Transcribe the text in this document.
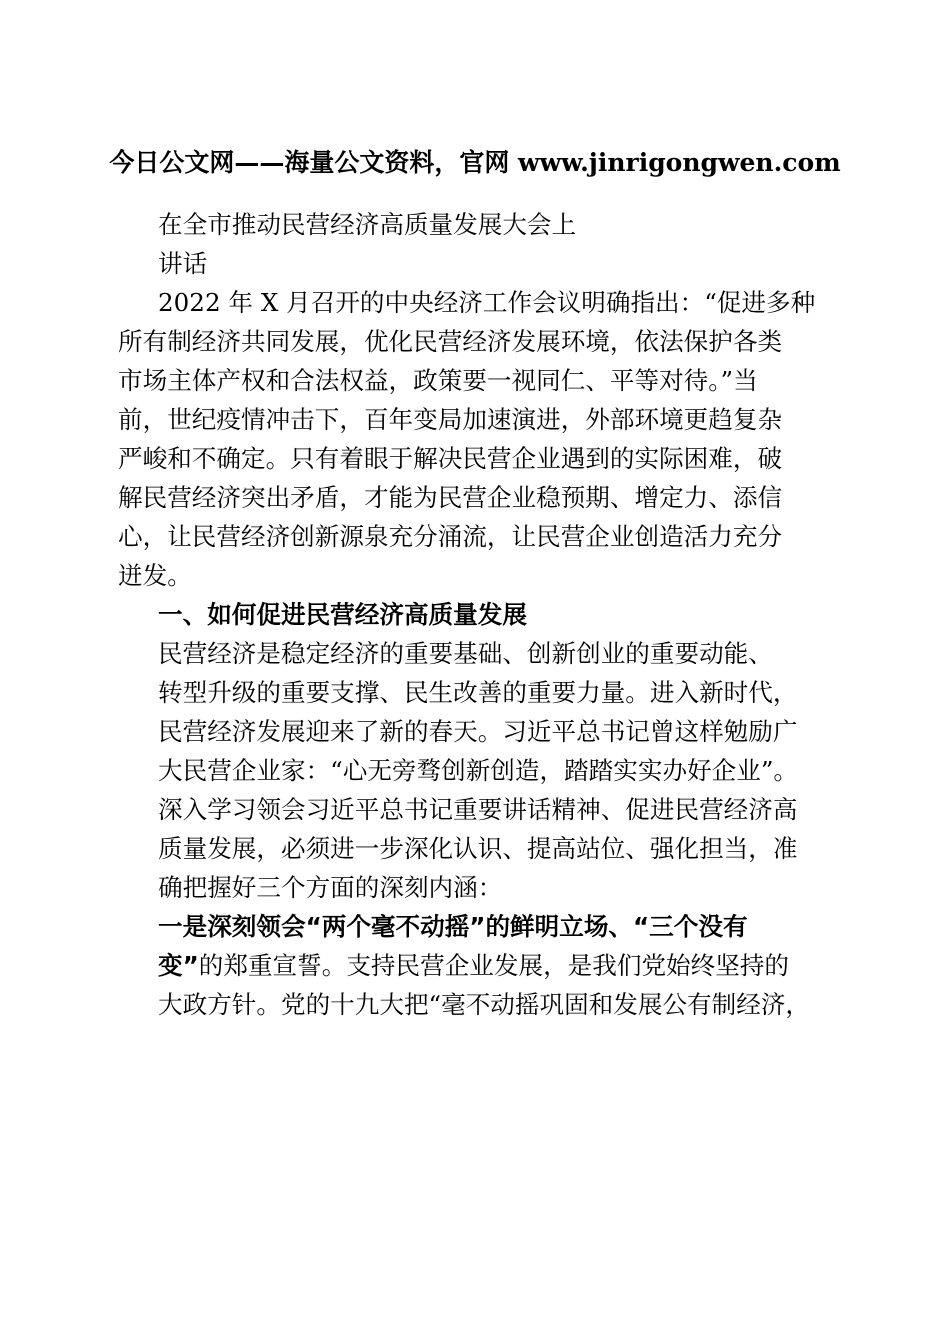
今日公文网——海量公文资料，官网 www.jinrigongwen.com
在全市推动民营经济高质量发展大会上
讲话
2022 年 X 月召开的中央经济工作会议明确指出：“促进多种
所有制经济共同发展，优化民营经济发展环境，依法保护各类
市场主体产权和合法权益，政策要一视同仁、平等对待。”当
前，世纪疫情冲击下，百年变局加速演进，外部环境更趋复杂
严峻和不确定。只有着眼于解决民营企业遇到的实际困难，破
解民营经济突出矛盾，才能为民营企业稳预期、增定力、添信
心，让民营经济创新源泉充分涌流，让民营企业创造活力充分
迸发。
一、如何促进民营经济高质量发展
民营经济是稳定经济的重要基础、创新创业的重要动能、
转型升级的重要支撑、民生改善的重要力量。进入新时代，
民营经济发展迎来了新的春天。习近平总书记曾这样勉励广
大民营企业家：“心无旁骛创新创造，踏踏实实办好企业”。
深入学习领会习近平总书记重要讲话精神、促进民营经济高
质量发展，必须进一步深化认识、提高站位、强化担当，准
确把握好三个方面的深刻内涵：
一是深刻领会“两个毫不动摇”的鲜明立场、“三个没有
变”的郑重宣誓。支持民营企业发展，是我们党始终坚持的
大政方针。党的十九大把“毫不动摇巩固和发展公有制经济，
